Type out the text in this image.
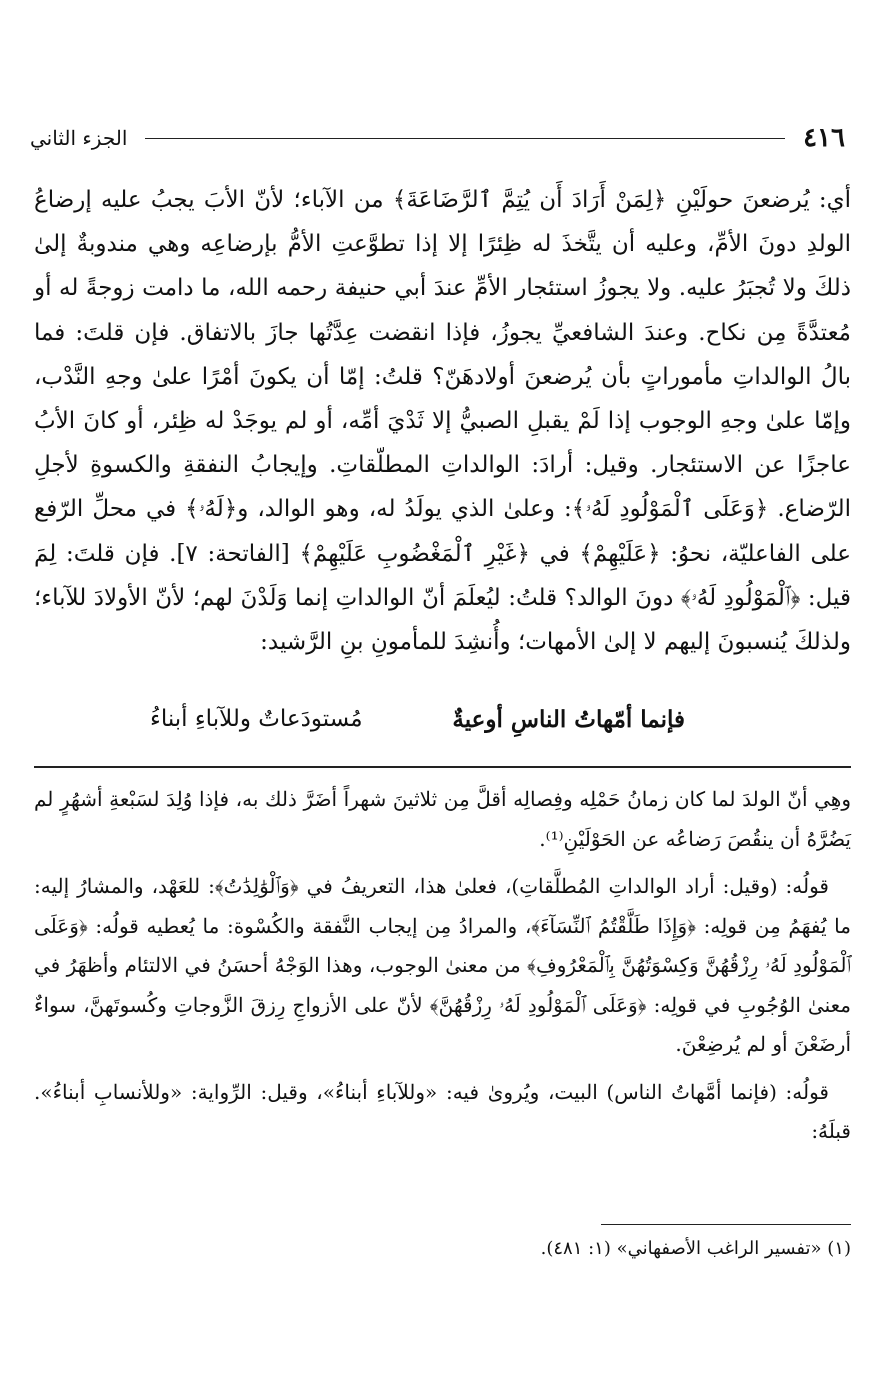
٤١٦
الجزء الثاني

أي: يُرضعنَ حولَيْنِ ﴿لِمَنْ أَرَادَ أَن يُتِمَّ ٱلرَّضَاعَةَ﴾ من الآباء؛ لأنّ الأبَ يجبُ عليه إرضاعُ الولدِ دونَ الأمِّ، وعليه أن يتَّخذَ له ظِئرًا إلا إذا تطوَّعتِ الأمُّ بإرضاعِه وهي مندوبةٌ إلىٰ ذلكَ ولا تُجبَرُ عليه. ولا يجوزُ استئجار الأمِّ عندَ أبي حنيفة رحمه الله، ما دامت زوجةً له أو مُعتدَّةً مِن نكاح. وعندَ الشافعيِّ يجوزُ، فإذا انقضت عِدَّتُها جازَ بالاتفاق. فإن قلتَ: فما بالُ الوالداتِ مأموراتٍ بأن يُرضعنَ أولادهَنّ؟ قلتُ: إمّا أن يكونَ أمْرًا علىٰ وجهِ النَّدْب، وإمّا علىٰ وجهِ الوجوب إذا لَمْ يقبلِ الصبيُّ إلا ثَدْيَ أمِّه، أو لم يوجَدْ له ظِئر، أو كانَ الأبُ عاجزًا عن الاستئجار. وقيل: أرادَ: الوالداتِ المطلّقاتِ. وإيجابُ النفقةِ والكسوةِ لأجلِ الرّضاع. ﴿وَعَلَى ٱلْمَوْلُودِ لَهُۥ﴾: وعلىٰ الذي يولَدُ له، وهو الوالد، و﴿لَهُۥ﴾ في محلِّ الرّفع على الفاعليّة، نحوُ: ﴿عَلَيْهِمْ﴾ في ﴿غَيْرِ ٱلْمَغْضُوبِ عَلَيْهِمْ﴾ [الفاتحة: ٧]. فإن قلتَ: لِمَ قيل: ﴿ٱلْمَوْلُودِ لَهُۥ﴾ دونَ الوالد؟ قلتُ: ليُعلَمَ أنّ الوالداتِ إنما وَلَدْنَ لهم؛ لأنّ الأولادَ للآباء؛ ولذلكَ يُنسبونَ إليهم لا إلىٰ الأمهات؛ وأُنشِدَ للمأمونِ بنِ الرَّشيد:

فإنما أمّهاتُ الناسِ أوعيةٌ
مُستودَعاتٌ وللآباءِ أبناءُ

وهِي أنّ الولدَ لما كان زمانُ حَمْلِه وفِصالِه أقلَّ مِن ثلاثينَ شهراً أضَرَّ ذلك به، فإذا وُلِدَ لسَبْعةِ أشهُرٍ لم يَضُرَّهُ أن ينقُصَ رَضاعُه عن الحَوْلَيْنِ⁽¹⁾.

قولُه: (وقيل: أراد الوالداتِ المُطلَّقاتِ)، فعلىٰ هذا، التعريفُ في ﴿وَٱلْوَٰلِدَٰتُ﴾: للعَهْد، والمشارُ إليه: ما يُفهَمُ مِن قولِه: ﴿وَإِذَا طَلَّقْتُمُ ٱلنِّسَآءَ﴾، والمرادُ مِن إيجاب النَّفقة والكُسْوة: ما يُعطيه قولُه: ﴿وَعَلَى ٱلْمَوْلُودِ لَهُۥ رِزْقُهُنَّ وَكِسْوَتُهُنَّ بِٱلْمَعْرُوفِ﴾ من معنىٰ الوجوب، وهذا الوَجْهُ أحسَنُ في الالتئام وأظهَرُ في معنىٰ الوُجُوبِ في قولِه: ﴿وَعَلَى ٱلْمَوْلُودِ لَهُۥ رِزْقُهُنَّ﴾ لأنّ على الأزواجِ رِزقَ الزَّوجاتِ وكُسوتَهنَّ، سواءٌ أرضَعْنَ أو لم يُرضِعْنَ.

قولُه: (فإنما أمَّهاتُ الناس) البيت، ويُروىٰ فيه: «وللآباءِ أبناءُ»، وقيل: الرِّواية: «وللأنسابِ أبناءُ». قبلَهُ:

(١) «تفسير الراغب الأصفهاني» (١: ٤٨١).
